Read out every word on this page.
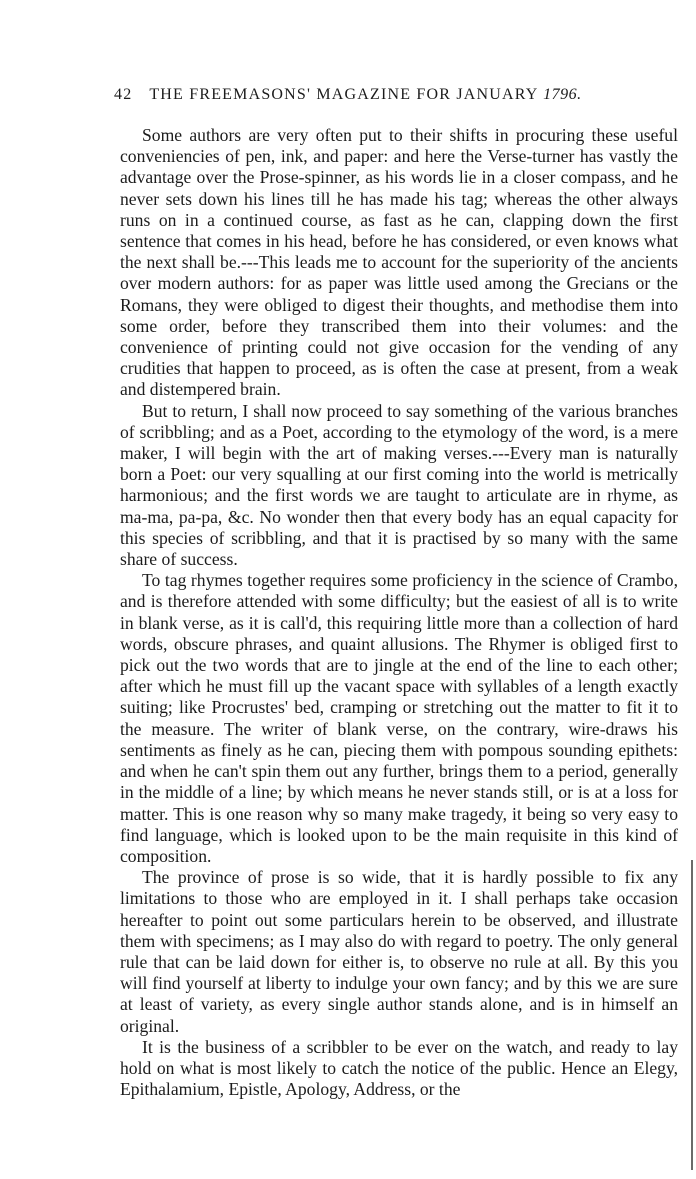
42 THE FREEMASONS' MAGAZINE FOR JANUARY 1796.

Some authors are very often put to their shifts in procuring these useful conveniencies of pen, ink, and paper: and here the Verse-turner has vastly the advantage over the Prose-spinner, as his words lie in a closer compass, and he never sets down his lines till he has made his tag; whereas the other always runs on in a continued course, as fast as he can, clapping down the first sentence that comes in his head, before he has considered, or even knows what the next shall be.---This leads me to account for the superiority of the ancients over modern authors: for as paper was little used among the Grecians or the Romans, they were obliged to digest their thoughts, and methodise them into some order, before they transcribed them into their volumes: and the convenience of printing could not give occasion for the vending of any crudities that happen to proceed, as is often the case at present, from a weak and distempered brain.

But to return, I shall now proceed to say something of the various branches of scribbling; and as a Poet, according to the etymology of the word, is a mere maker, I will begin with the art of making verses.---Every man is naturally born a Poet: our very squalling at our first coming into the world is metrically harmonious; and the first words we are taught to articulate are in rhyme, as ma-ma, pa-pa, &c. No wonder then that every body has an equal capacity for this species of scribbling, and that it is practised by so many with the same share of success.

To tag rhymes together requires some proficiency in the science of Crambo, and is therefore attended with some difficulty; but the easiest of all is to write in blank verse, as it is call'd, this requiring little more than a collection of hard words, obscure phrases, and quaint allusions. The Rhymer is obliged first to pick out the two words that are to jingle at the end of the line to each other; after which he must fill up the vacant space with syllables of a length exactly suiting; like Procrustes' bed, cramping or stretching out the matter to fit it to the measure. The writer of blank verse, on the contrary, wire-draws his sentiments as finely as he can, piecing them with pompous sounding epithets: and when he can't spin them out any further, brings them to a period, generally in the middle of a line; by which means he never stands still, or is at a loss for matter. This is one reason why so many make tragedy, it being so very easy to find language, which is looked upon to be the main requisite in this kind of composition.

The province of prose is so wide, that it is hardly possible to fix any limitations to those who are employed in it. I shall perhaps take occasion hereafter to point out some particulars herein to be observed, and illustrate them with specimens; as I may also do with regard to poetry. The only general rule that can be laid down for either is, to observe no rule at all. By this you will find yourself at liberty to indulge your own fancy; and by this we are sure at least of variety, as every single author stands alone, and is in himself an original.

It is the business of a scribbler to be ever on the watch, and ready to lay hold on what is most likely to catch the notice of the public. Hence an Elegy, Epithalamium, Epistle, Apology, Address, or the
